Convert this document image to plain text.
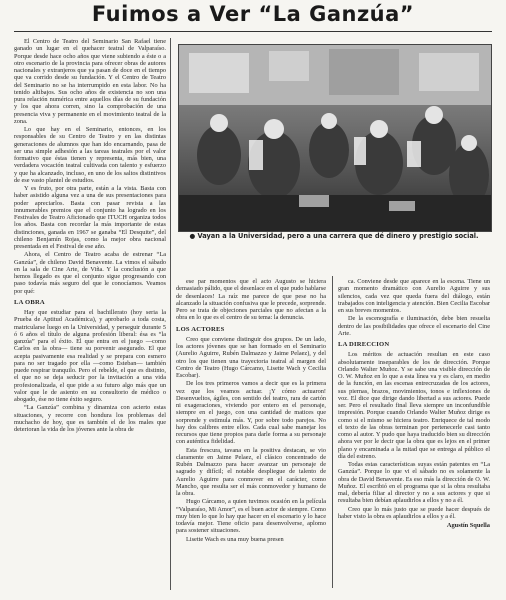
Fuimos a Ver “La Ganzúa”

El Centro de Teatro del Seminario San Rafael tiene ganado un lugar en el quehacer teatral de Valparaíso. Porque desde hace ocho años que viene subiendo a éste o a otro escenario de la provincia para ofrecer obras de autores nacionales y extranjeros que ya pasan de doce en el tiempo que va corrido desde su fundación. Y el Centro de Teatro del Seminario no se ha interrumpido en esta labor. No ha tenido altibajos. Sus ocho años de existencia no son una pura relación numérica entre aquellos días de su fundación y los que ahora corren, sino la comprobación de una presencia viva y permanente en el movimiento teatral de la zona.

Lo que hay en el Seminario, entonces, en los responsables de su Centro de Teatro y en las distintas generaciones de alumnos que han ido encarnando, pasa de ser una simple adhesión a las tareas teatrales por el valor formativo que éstas tienen y representa, más bien, una verdadera vocación teatral cultivada con talento y esfuerzo y que ha alcanzado, incluso, en uno de los saltos distintivos de ese vasto plantel de estudios.

Y es fruto, por otra parte, están a la vista. Basta con haber asistido alguna vez a una de sus presentaciones para poder apreciarlos. Basta con pasar revista a las innumerables premios que el conjunto ha logrado en los Festivales de Teatro Aficionado que ITUCH organiza todos los años. Basta con recordar la más importante de estas distinciones, ganada en 1967 se ganaba “El Desquite”, del chileno Benjamín Rojas, como la mejor obra nacional presentada en el Festival de ese año.

Ahora, el Centro de Teatro acaba de estrenar “La Ganzúa”, de chileno David Benavente. La vimos el sábado en la sala de Cine Arte, de Viña. Y la conclusión a que hemos llegado es que el conjunto sigue progresando con paso todavía más seguro del que le conocíamos. Veamos por qué:

LA OBRA

Hay que estudiar para el bachillerato (hoy seria la Prueba de Aptitud Académica), y aprobarlo a toda costa, matricularse luego en la Universidad, y perseguir durante 5 ó 6 años el título de alguna profesión liberal: ésa es “la ganzúa” para el éxito. El que entra en el juego —como Carlos en la obra— tiene su porvenir asegurado. El que acepta pasivamente esa realidad y se prepara con esmero para no ser tragado por ella —como Esteban— también puede respirar tranquilo. Pero el rebelde, el que es distinto, el que no se deja seducir por la invitación a una vida profesionalizada, el que pide a su futuro algo más que un valor que le de asiento en su consultorio de médico o abogado, ése no tiene éxito seguro.

“La Ganzúa” combina y dinamiza con acierto estas situaciones, y recorre con hondura los problemas del muchacho de hoy, que es también el de los males que deterioran la vida de los jóvenes ante la obra de

● Vayan a la Universidad, pero a una carrera que dé dinero y prestigio social.

ese par momentos que el acto Augusto se hiciera demasiado pálido, que el desenlace en el que pudo hablarse de desenlaces! La raíz me parece de que pese no ha alcanzado la situación confusiva que le precede, sorprende. Pero se trata de objeciones parciales que no afectan a la obra en lo que es el centro de su tema: la denuncia.

LOS ACTORES

Creo que conviene distinguir dos grupos. De un lado, los actores jóvenes que se han formado en el Seminario (Aurelio Aguirre, Rubén Dalmazzo y Jaime Pelaez), y del otro los que tienen una trayectoria teatral al margen del Centro de Teatro (Hugo Cárcamo, Lisette Wach y Cecilia Escobar).

De los tres primeros vamos a decir que es la primera vez que los veamos actuar. ¡Y cómo actuaron! Desenvueltos, ágiles, con sentido del teatro, rara de cartón ni exageraciones, viviendo por entero en el personaje, siempre en el juego, con una cantidad de matices que sorprende y estimula más. Y, por sobre todo parejos. No hay dos calibres entre ellos. Cada cual sabe manejar los recursos que tiene propios para darle forma a su personaje con auténtica fidelidad.

Esta frescura, tavana en la positiva destacan, se vio claramente en Jaime Pelaez, el clásico concentrado de Rubén Dalmazzo para hacer avanzar un personaje de sagrado y difícil; el notable despliegue de talento de Aurelio Aguirre para conmover en el carácter, como Mancho, que resulta ser el más conmovedor y humano de la obra.

Hugo Cárcamo, a quien tuvimos ocasión en la película “Valparaíso, Mi Amor”, es el buen actor de siempre. Como muy bien lo que lo hay que hacer en el escenario y lo hace todavía mejor. Tiene oficio para desenvolverse, aplomo para sostener situaciones.

Lisette Wach es una muy buena presen

ca. Conviene desde que aparece en la escena. Tiene un gran momento dramático con Aurelio Aguirre y sus silencios, cada vez que queda fuera del diálogo, están trabajados con inteligencia y atención. Bien Cecilia Escobar en sus breves momentos.

De la escenografía e iluminación, debe bien resuelta dentro de las posibilidades que ofrece el escenario del Cine Arte.

LA DIRECCION

Los méritos de actuación resultan en este caso absolutamente inseparables de los de dirección. Porque Orlando Walter Muñoz. Y se sabe una visible dirección de O. W. Muñoz en lo que a esta línea va y es claro, en medio de la función, en las escenas entrecruzadas de los actores, sus piernas, brazos, movimientos, tonos e inflexiones de voz. El dice que dirige dando libertad a sus actores. Puede ser. Pero el resultado final lleva siempre un inconfundible impresión. Porque cuando Orlando Walter Muñoz dirige es como si el mismo se hiciera teatro. Enriquece de tal modo el texto de las obras terminan por pertenecerle casi tanto como al autor. Y pudo que haya traducido bien su dirección ahora ver por le decir que la obra que es lejos en el primer plano y encaminada a la mitad que se entrega al público el día del estreno.

Todas estas características suyas están patentes en “La Ganzúa”. Porque lo que vi el sábado no es solamente la obra de David Benavente. Es eso más la dirección de O. W. Muñoz. El escribió en el programa que si la obra resultaba mal, debería filiar al director y no a sus actores y que si resultaba bien debían aplaudirlos a ellos y no a él.

Creo que lo más justo que se puede hacer después de haber visto la obra es aplaudirlos a ellos y a él.

Agustín Squella
